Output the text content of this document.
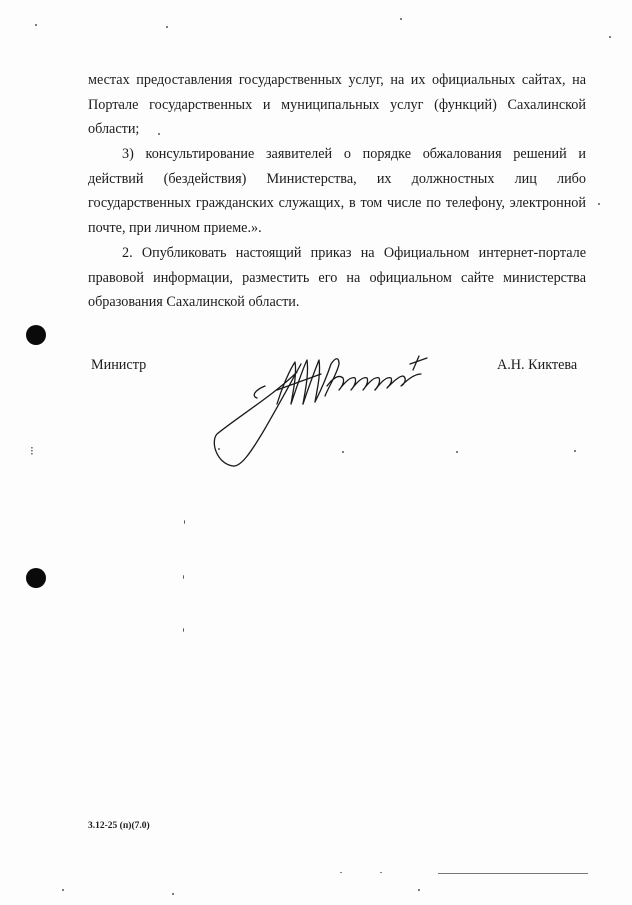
⁝

местах предоставления государственных услуг, на их официальных сайтах, на Портале государственных и муниципальных услуг (функций) Сахалинской области;

3) консультирование заявителей о порядке обжалования решений и действий (бездействия) Министерства, их должностных лиц либо государственных гражданских служащих, в том числе по телефону, электронной почте, при личном приеме.».

2. Опубликовать настоящий приказ на Официальном интернет-портале правовой информации, разместить его на официальном сайте министерства образования Сахалинской области.

Министр	А.Н. Киктева
3.12-25 (п)(7.0)
